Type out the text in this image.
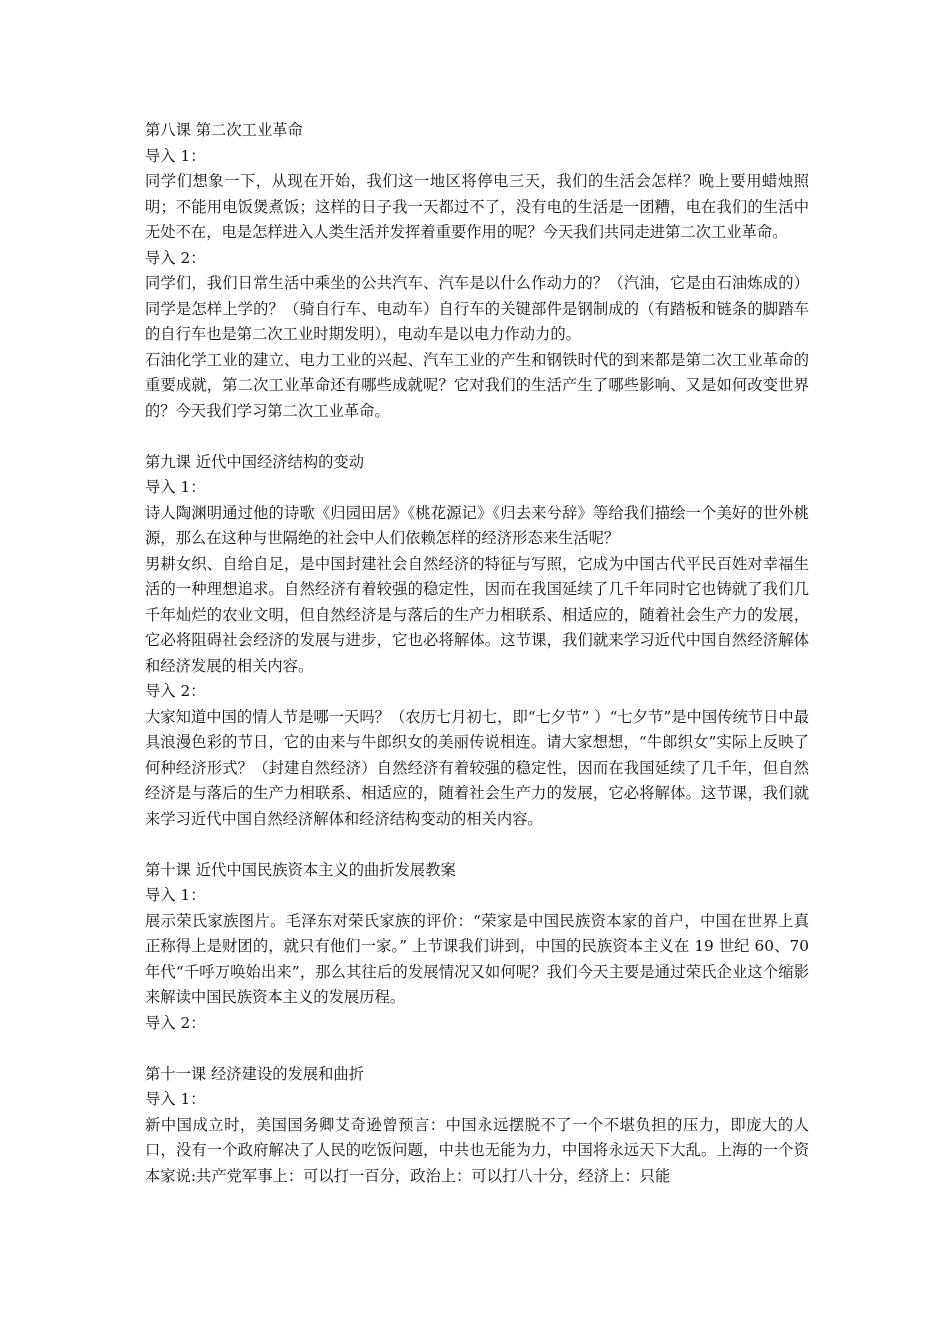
第八课 第二次工业革命

导入 1：

同学们想象一下，从现在开始，我们这一地区将停电三天，我们的生活会怎样？晚上要用蜡烛照明；不能用电饭煲煮饭；这样的日子我一天都过不了，没有电的生活是一团糟，电在我们的生活中无处不在，电是怎样进入人类生活并发挥着重要作用的呢？今天我们共同走进第二次工业革命。

导入 2：

同学们，我们日常生活中乘坐的公共汽车、汽车是以什么作动力的？（汽油，它是由石油炼成的）同学是怎样上学的？（骑自行车、电动车）自行车的关键部件是钢制成的（有踏板和链条的脚踏车的自行车也是第二次工业时期发明），电动车是以电力作动力的。

石油化学工业的建立、电力工业的兴起、汽车工业的产生和钢铁时代的到来都是第二次工业革命的重要成就，第二次工业革命还有哪些成就呢？它对我们的生活产生了哪些影响、又是如何改变世界的？今天我们学习第二次工业革命。

第九课 近代中国经济结构的变动

导入 1：

诗人陶渊明通过他的诗歌《归园田居》《桃花源记》《归去来兮辞》等给我们描绘一个美好的世外桃源，那么在这种与世隔绝的社会中人们依赖怎样的经济形态来生活呢？

男耕女织、自给自足，是中国封建社会自然经济的特征与写照，它成为中国古代平民百姓对幸福生活的一种理想追求。自然经济有着较强的稳定性，因而在我国延续了几千年同时它也铸就了我们几千年灿烂的农业文明，但自然经济是与落后的生产力相联系、相适应的，随着社会生产力的发展，它必将阻碍社会经济的发展与进步，它也必将解体。这节课，我们就来学习近代中国自然经济解体和经济发展的相关内容。

导入 2：

大家知道中国的情人节是哪一天吗？（农历七月初七，即“七夕节” ）“七夕节”是中国传统节日中最具浪漫色彩的节日，它的由来与牛郎织女的美丽传说相连。请大家想想，“牛郎织女”实际上反映了何种经济形式？（封建自然经济）自然经济有着较强的稳定性，因而在我国延续了几千年，但自然经济是与落后的生产力相联系、相适应的，随着社会生产力的发展，它必将解体。这节课，我们就来学习近代中国自然经济解体和经济结构变动的相关内容。

第十课 近代中国民族资本主义的曲折发展教案

导入 1：

展示荣氏家族图片。毛泽东对荣氏家族的评价：“荣家是中国民族资本家的首户，中国在世界上真正称得上是财团的，就只有他们一家。” 上节课我们讲到，中国的民族资本主义在 19 世纪 60、70 年代“千呼万唤始出来”，那么其往后的发展情况又如何呢？我们今天主要是通过荣氏企业这个缩影来解读中国民族资本主义的发展历程。

导入 2：

第十一课 经济建设的发展和曲折

导入 1：

新中国成立时，美国国务卿艾奇逊曾预言：中国永远摆脱不了一个不堪负担的压力，即庞大的人口，没有一个政府解决了人民的吃饭问题，中共也无能为力，中国将永远天下大乱。上海的一个资本家说:共产党军事上：可以打一百分，政治上：可以打八十分，经济上：只能
